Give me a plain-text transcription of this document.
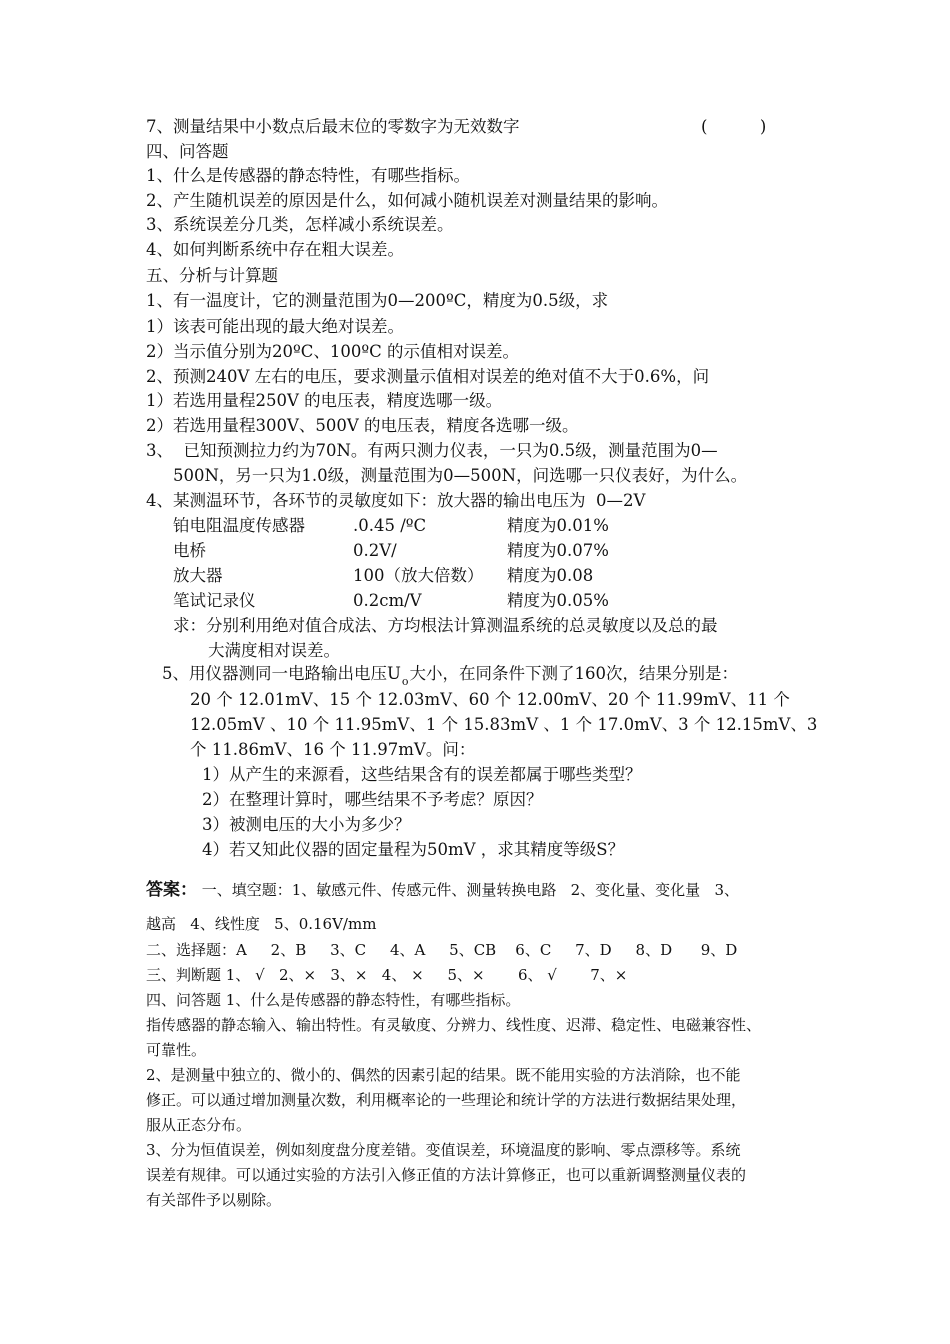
7、测量结果中小数点后最末位的零数字为无效数字	(          )
四、问答题
1、什么是传感器的静态特性，有哪些指标。
2、产生随机误差的原因是什么，如何减小随机误差对测量结果的影响。
3、系统误差分几类，怎样减小系统误差。
4、如何判断系统中存在粗大误差。
五、分析与计算题
1、有一温度计，它的测量范围为0—200ºC，精度为0.5级，求
1）该表可能出现的最大绝对误差。
2）当示值分别为20ºC、100ºC 的示值相对误差。
2、预测240V 左右的电压，要求测量示值相对误差的绝对值不大于0.6%，问
1）若选用量程250V 的电压表，精度选哪一级。
2）若选用量程300V、500V 的电压表，精度各选哪一级。
3、  已知预测拉力约为70N。有两只测力仪表，一只为0.5级，测量范围为0—
500N，另一只为1.0级，测量范围为0—500N，问选哪一只仪表好，为什么。
4、某测温环节，各环节的灵敏度如下：放大器的输出电压为  0—2V
铂电阻温度传感器	.0.45 /ºC	精度为0.01%
电桥	0.2V/	精度为0.07%
放大器	100（放大倍数） 精度为0.08
笔试记录仪	0.2cm/V	精度为0.05%
求：分别利用绝对值合成法、方均根法计算测温系统的总灵敏度以及总的最
大满度相对误差。
5、用仪器测同一电路输出电压$U_o$大小，在同条件下测了160次，结果分别是：
20 个 12.01mV、15 个 12.03mV、60 个 12.00mV、20 个 11.99mV、11 个
12.05mV 、10 个 11.95mV、1 个 15.83mV 、1 个 17.0mV、3 个 12.15mV、3
个 11.86mV、16 个 11.97mV。问：
1）从产生的来源看，这些结果含有的误差都属于哪些类型？
2）在整理计算时，哪些结果不予考虑？原因？
3）被测电压的大小为多少？
4）若又知此仪器的固定量程为50mV ，求其精度等级S？
答案： 一、填空题：1、敏感元件、传感元件、测量转换电路   2、变化量、变化量   3、
越高   4、线性度   5、0.16V/mm
二、选择题：A     2、B     3、C     4、A     5、CB    6、C     7、D     8、D      9、D
三、判断题 1、 √   2、×   3、×   4、 ×     5、×       6、 √       7、×
四、问答题 1、什么是传感器的静态特性，有哪些指标。
指传感器的静态输入、输出特性。有灵敏度、分辨力、线性度、迟滞、稳定性、电磁兼容性、
可靠性。
2、是测量中独立的、微小的、偶然的因素引起的结果。既不能用实验的方法消除，也不能
修正。可以通过增加测量次数，利用概率论的一些理论和统计学的方法进行数据结果处理，
服从正态分布。
3、分为恒值误差，例如刻度盘分度差错。变值误差，环境温度的影响、零点漂移等。系统
误差有规律。可以通过实验的方法引入修正值的方法计算修正，也可以重新调整测量仪表的
有关部件予以剔除。
